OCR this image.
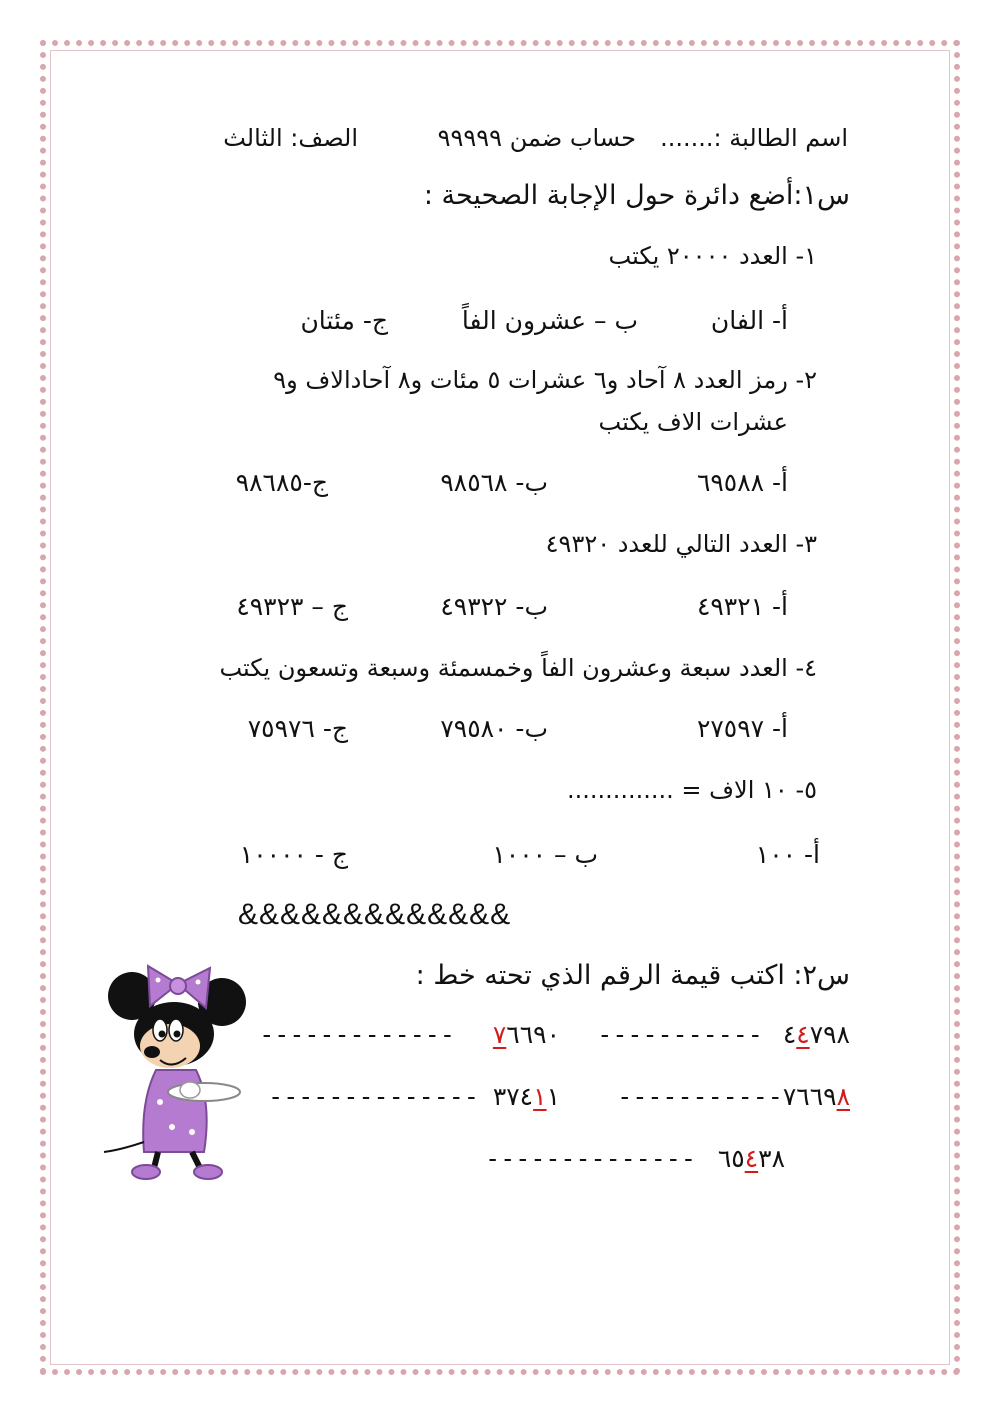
اسم الطالبة :.......
حساب ضمن ٩٩٩٩٩
الصف: الثالث
س١:أضع دائرة حول الإجابة الصحيحة :
١- العدد ٢٠٠٠٠ يكتب
أ- الفان
ب – عشرون الفاً
ج- مئتان
٢- رمز العدد ٨ آحاد و٦ عشرات ٥ مئات و٨ آحادالاف و٩
عشرات الاف يكتب
أ- ٦٩٥٨٨
ب- ٩٨٥٦٨
ج-٩٨٦٨٥
٣- العدد التالي للعدد ٤٩٣٢٠
أ- ٤٩٣٢١
ب- ٤٩٣٢٢
ج – ٤٩٣٢٣
٤- العدد سبعة وعشرون الفاً وخمسمئة وسبعة وتسعون يكتب
أ- ٢٧٥٩٧
ب- ٧٩٥٨٠
ج- ٧٥٩٧٦
٥- ١٠ الاف = ..............
أ- ١٠٠
ب – ١٠٠٠
ج - ١٠٠٠٠
&&&&&&&&&&&&&
س٢: اكتب قيمة الرقم الذي تحته خط :
٤٤٧٩٨ -----------
٧٦٦٩٠ -------------
٧٦٦٩٨-----------
٣٧٤١١ --------------
٦٥٤٣٨ --------------
